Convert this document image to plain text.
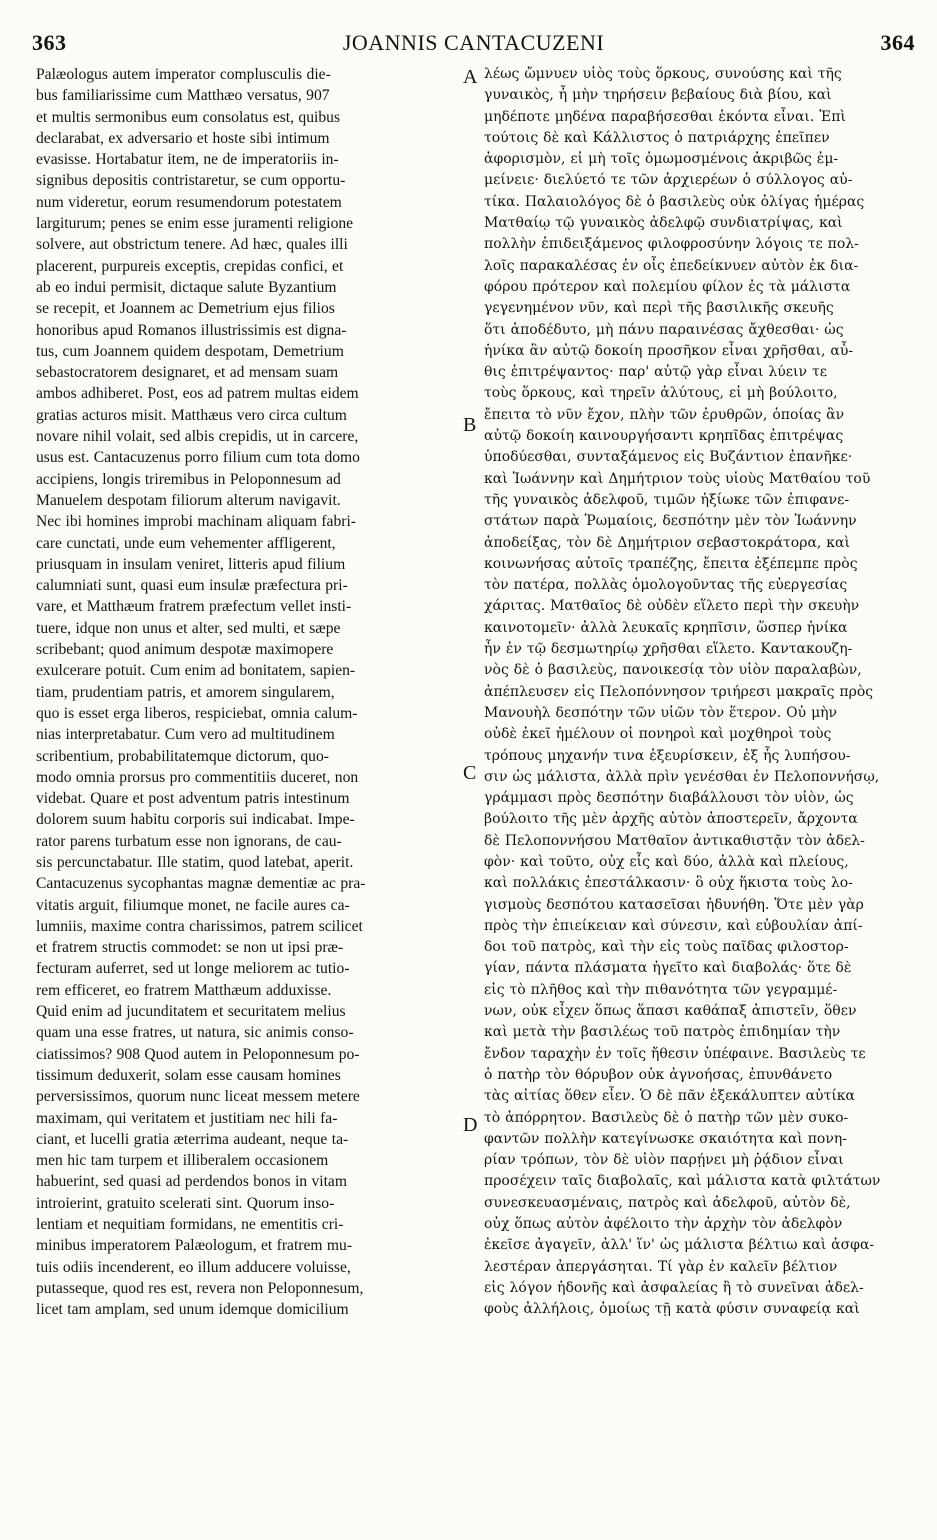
363	JOANNIS CANTACUZENI	364
Palæologus autem imperator complusculis die-
bus familiarissime cum Matthæo versatus, 907
et multis sermonibus eum consolatus est, quibus
declarabat, ex adversario et hoste sibi intimum
evasisse. Hortabatur item, ne de imperatoriis in-
signibus depositis contristaretur, se cum opportu-
num videretur, eorum resumendorum potestatem
largiturum; penes se enim esse juramenti religione
solvere, aut obstrictum tenere. Ad hæc, quales illi
placerent, purpureis exceptis, crepidas confici, et
ab eo indui permisit, dictaque salute Byzantium
se recepit, et Joannem ac Demetrium ejus filios
honoribus apud Romanos illustrissimis est digna-
tus, cum Joannem quidem despotam, Demetrium
sebastocratorem designaret, et ad mensam suam
ambos adhiberet. Post, eos ad patrem multas eidem
gratias acturos misit. Matthæus vero circa cultum
novare nihil volait, sed albis crepidis, ut in carcere,
usus est. Cantacuzenus porro filium cum tota domo
accipiens, longis triremibus in Peloponnesum ad
Manuelem despotam filiorum alterum navigavit.
Nec ibi homines improbi machinam aliquam fabri-
care cunctati, unde eum vehementer affligerent,
priusquam in insulam veniret, litteris apud filium
calumniati sunt, quasi eum insulæ præfectura pri-
vare, et Matthæum fratrem præfectum vellet insti-
tuere, idque non unus et alter, sed multi, et sæpe
scribebant; quod animum despotæ maximopere
exulcerare potuit. Cum enim ad bonitatem, sapien-
tiam, prudentiam patris, et amorem singularem,
quo is esset erga liberos, respiciebat, omnia calum-
nias interpretabatur. Cum vero ad multitudinem
scribentium, probabilitatemque dictorum, quo-
modo omnia prorsus pro commentitiis duceret, non
videbat. Quare et post adventum patris intestinum
dolorem suum habitu corporis sui indicabat. Impe-
rator parens turbatum esse non ignorans, de cau-
sis percunctabatur. Ille statim, quod latebat, aperit.
Cantacuzenus sycophantas magnæ dementiæ ac pra-
vitatis arguit, filiumque monet, ne facile aures ca-
lumniis, maxime contra charissimos, patrem scilicet
et fratrem structis commodet: se non ut ipsi præ-
fecturam auferret, sed ut longe meliorem ac tutio-
rem efficeret, eo fratrem Matthæum adduxisse.
Quid enim ad jucunditatem et securitatem melius
quam una esse fratres, ut natura, sic animis conso-
ciatissimos? 908 Quod autem in Peloponnesum po-
tissimum deduxerit, solam esse causam homines
perversissimos, quorum nunc liceat messem metere
maximam, qui veritatem et justitiam nec hili fa-
ciant, et lucelli gratia æterrima audeant, neque ta-
men hic tam turpem et illiberalem occasionem
habuerint, sed quasi ad perdendos bonos in vitam
introierint, gratuito scelerati sint. Quorum inso-
lentiam et nequitiam formidans, ne ementitis cri-
minibus imperatorem Palæologum, et fratrem mu-
tuis odiis incenderent, eo illum adducere voluisse,
putasseque, quod res est, revera non Peloponnesum,
licet tam amplam, sed unum idemque domicilium
λέως ὤμνυεν υἱὸς τοὺς ὅρκους, συνούσης καὶ τῆς
γυναικὸς, ἦ μὴν τηρήσειν βεβαίους διὰ βίου, καὶ
μηδέποτε μηδένα παραβήσεσθαι ἑκόντα εἶναι. Ἐπὶ
τούτοις δὲ καὶ Κάλλιστος ὁ πατριάρχης ἐπεῖπεν
ἀφορισμὸν, εἰ μὴ τοῖς ὁμωμοσμένοις ἀκριβῶς ἐμ-
μείνειε· διελύετό τε τῶν ἀρχιερέων ὁ σύλλογος αὐ-
τίκα. Παλαιολόγος δὲ ὁ βασιλεὺς οὐκ ὀλίγας ἡμέρας
Ματθαίῳ τῷ γυναικὸς ἀδελφῷ συνδιατρίψας, καὶ
πολλὴν ἐπιδειξάμενος φιλοφροσύνην λόγοις τε πολ-
λοῖς παρακαλέσας ἐν οἷς ἐπεδείκνυεν αὐτὸν ἐκ δια-
φόρου πρότερον καὶ πολεμίου φίλον ἐς τὰ μάλιστα
γεγενημένον νῦν, καὶ περὶ τῆς βασιλικῆς σκευῆς
ὅτι ἀποδέδυτο, μὴ πάνυ παραινέσας ἄχθεσθαι· ὡς
ἡνίκα ἂν αὐτῷ δοκοίη προσῆκον εἶναι χρῆσθαι, αὖ-
θις ἐπιτρέψαντος· παρ' αὐτῷ γὰρ εἶναι λύειν τε
τοὺς ὅρκους, καὶ τηρεῖν ἀλύτους, εἰ μὴ βούλοιτο,
ἔπειτα τὸ νῦν ἔχον, πλὴν τῶν ἐρυθρῶν, ὁποίας ἂν
αὐτῷ δοκοίη καινουργήσαντι κρηπῖδας ἐπιτρέψας
ὑποδύεσθαι, συνταξάμενος εἰς Βυζάντιον ἐπανῆκε·
καὶ Ἰωάννην καὶ Δημήτριον τοὺς υἱοὺς Ματθαίου τοῦ
τῆς γυναικὸς ἀδελφοῦ, τιμῶν ἠξίωκε τῶν ἐπιφανε-
στάτων παρὰ Ῥωμαίοις, δεσπότην μὲν τὸν Ἰωάννην
ἀποδείξας, τὸν δὲ Δημήτριον σεβαστοκράτορα, καὶ
κοινωνήσας αὐτοῖς τραπέζης, ἔπειτα ἐξέπεμπε πρὸς
τὸν πατέρα, πολλὰς ὁμολογοῦντας τῆς εὐεργεσίας
χάριτας. Ματθαῖος δὲ οὐδὲν εἵλετο περὶ τὴν σκευὴν
καινοτομεῖν· ἀλλὰ λευκαῖς κρηπῖσιν, ὥσπερ ἡνίκα
ἦν ἐν τῷ δεσμωτηρίῳ χρῆσθαι εἵλετο. Καντακουζη-
νὸς δὲ ὁ βασιλεὺς, πανοικεσίᾳ τὸν υἱὸν παραλαβὼν,
ἀπέπλευσεν εἰς Πελοπόννησον τριήρεσι μακραῖς πρὸς
Μανουὴλ δεσπότην τῶν υἱῶν τὸν ἕτερον. Οὐ μὴν
οὐδὲ ἐκεῖ ἠμέλουν οἱ πονηροὶ καὶ μοχθηροὶ τοὺς
τρόπους μηχανήν τινα ἐξευρίσκειν, ἐξ ἧς λυπήσου-
σιν ὡς μάλιστα, ἀλλὰ πρὶν γενέσθαι ἐν Πελοποννήσῳ,
γράμμασι πρὸς δεσπότην διαβάλλουσι τὸν υἱὸν, ὡς
βούλοιτο τῆς μὲν ἀρχῆς αὐτὸν ἀποστερεῖν, ἄρχοντα
δὲ Πελοποννήσου Ματθαῖον ἀντικαθιστᾷν τὸν ἀδελ-
φὸν· καὶ τοῦτο, οὐχ εἷς καὶ δύο, ἀλλὰ καὶ πλείους,
καὶ πολλάκις ἐπεστάλκασιν· ὃ οὐχ ἥκιστα τοὺς λο-
γισμοὺς δεσπότου κατασεῖσαι ἠδυνήθη. Ὅτε μὲν γὰρ
πρὸς τὴν ἐπιείκειαν καὶ σύνεσιν, καὶ εὐβουλίαν ἀπί-
δοι τοῦ πατρὸς, καὶ τὴν εἰς τοὺς παῖδας φιλοστορ-
γίαν, πάντα πλάσματα ἡγεῖτο καὶ διαβολάς· ὅτε δὲ
εἰς τὸ πλῆθος καὶ τὴν πιθανότητα τῶν γεγραμμέ-
νων, οὐκ εἶχεν ὅπως ἅπασι καθάπαξ ἀπιστεῖν, ὅθεν
καὶ μετὰ τὴν βασιλέως τοῦ πατρὸς ἐπιδημίαν τὴν
ἔνδον ταραχὴν ἐν τοῖς ἤθεσιν ὑπέφαινε. Βασιλεὺς τε
ὁ πατὴρ τὸν θόρυβον οὐκ ἀγνοήσας, ἐπυνθάνετο
τὰς αἰτίας ὅθεν εἶεν. Ὁ δὲ πᾶν ἐξεκάλυπτεν αὐτίκα
τὸ ἀπόρρητον. Βασιλεὺς δὲ ὁ πατὴρ τῶν μὲν συκο-
φαντῶν πολλὴν κατεγίνωσκε σκαιότητα καὶ πονη-
ρίαν τρόπων, τὸν δὲ υἱὸν παρῄνει μὴ ῥᾴδιον εἶναι
προσέχειν ταῖς διαβολαῖς, καὶ μάλιστα κατὰ φιλτάτων
συνεσκευασμέναις, πατρὸς καὶ ἀδελφοῦ, αὐτὸν δὲ,
οὐχ ὅπως αὐτὸν ἀφέλοιτο τὴν ἀρχὴν τὸν ἀδελφὸν
ἐκεῖσε ἀγαγεῖν, ἀλλ' ἵν' ὡς μάλιστα βέλτιω καὶ ἀσφα-
λεστέραν ἀπεργάσηται. Τί γὰρ ἐν καλεῖν βέλτιον
εἰς λόγον ἡδονῆς καὶ ἀσφαλείας ἢ τὸ συνεῖναι ἀδελ-
φοὺς ἀλλήλοις, ὁμοίως τῇ κατὰ φύσιν συναφείᾳ καὶ
A
B
C
D
